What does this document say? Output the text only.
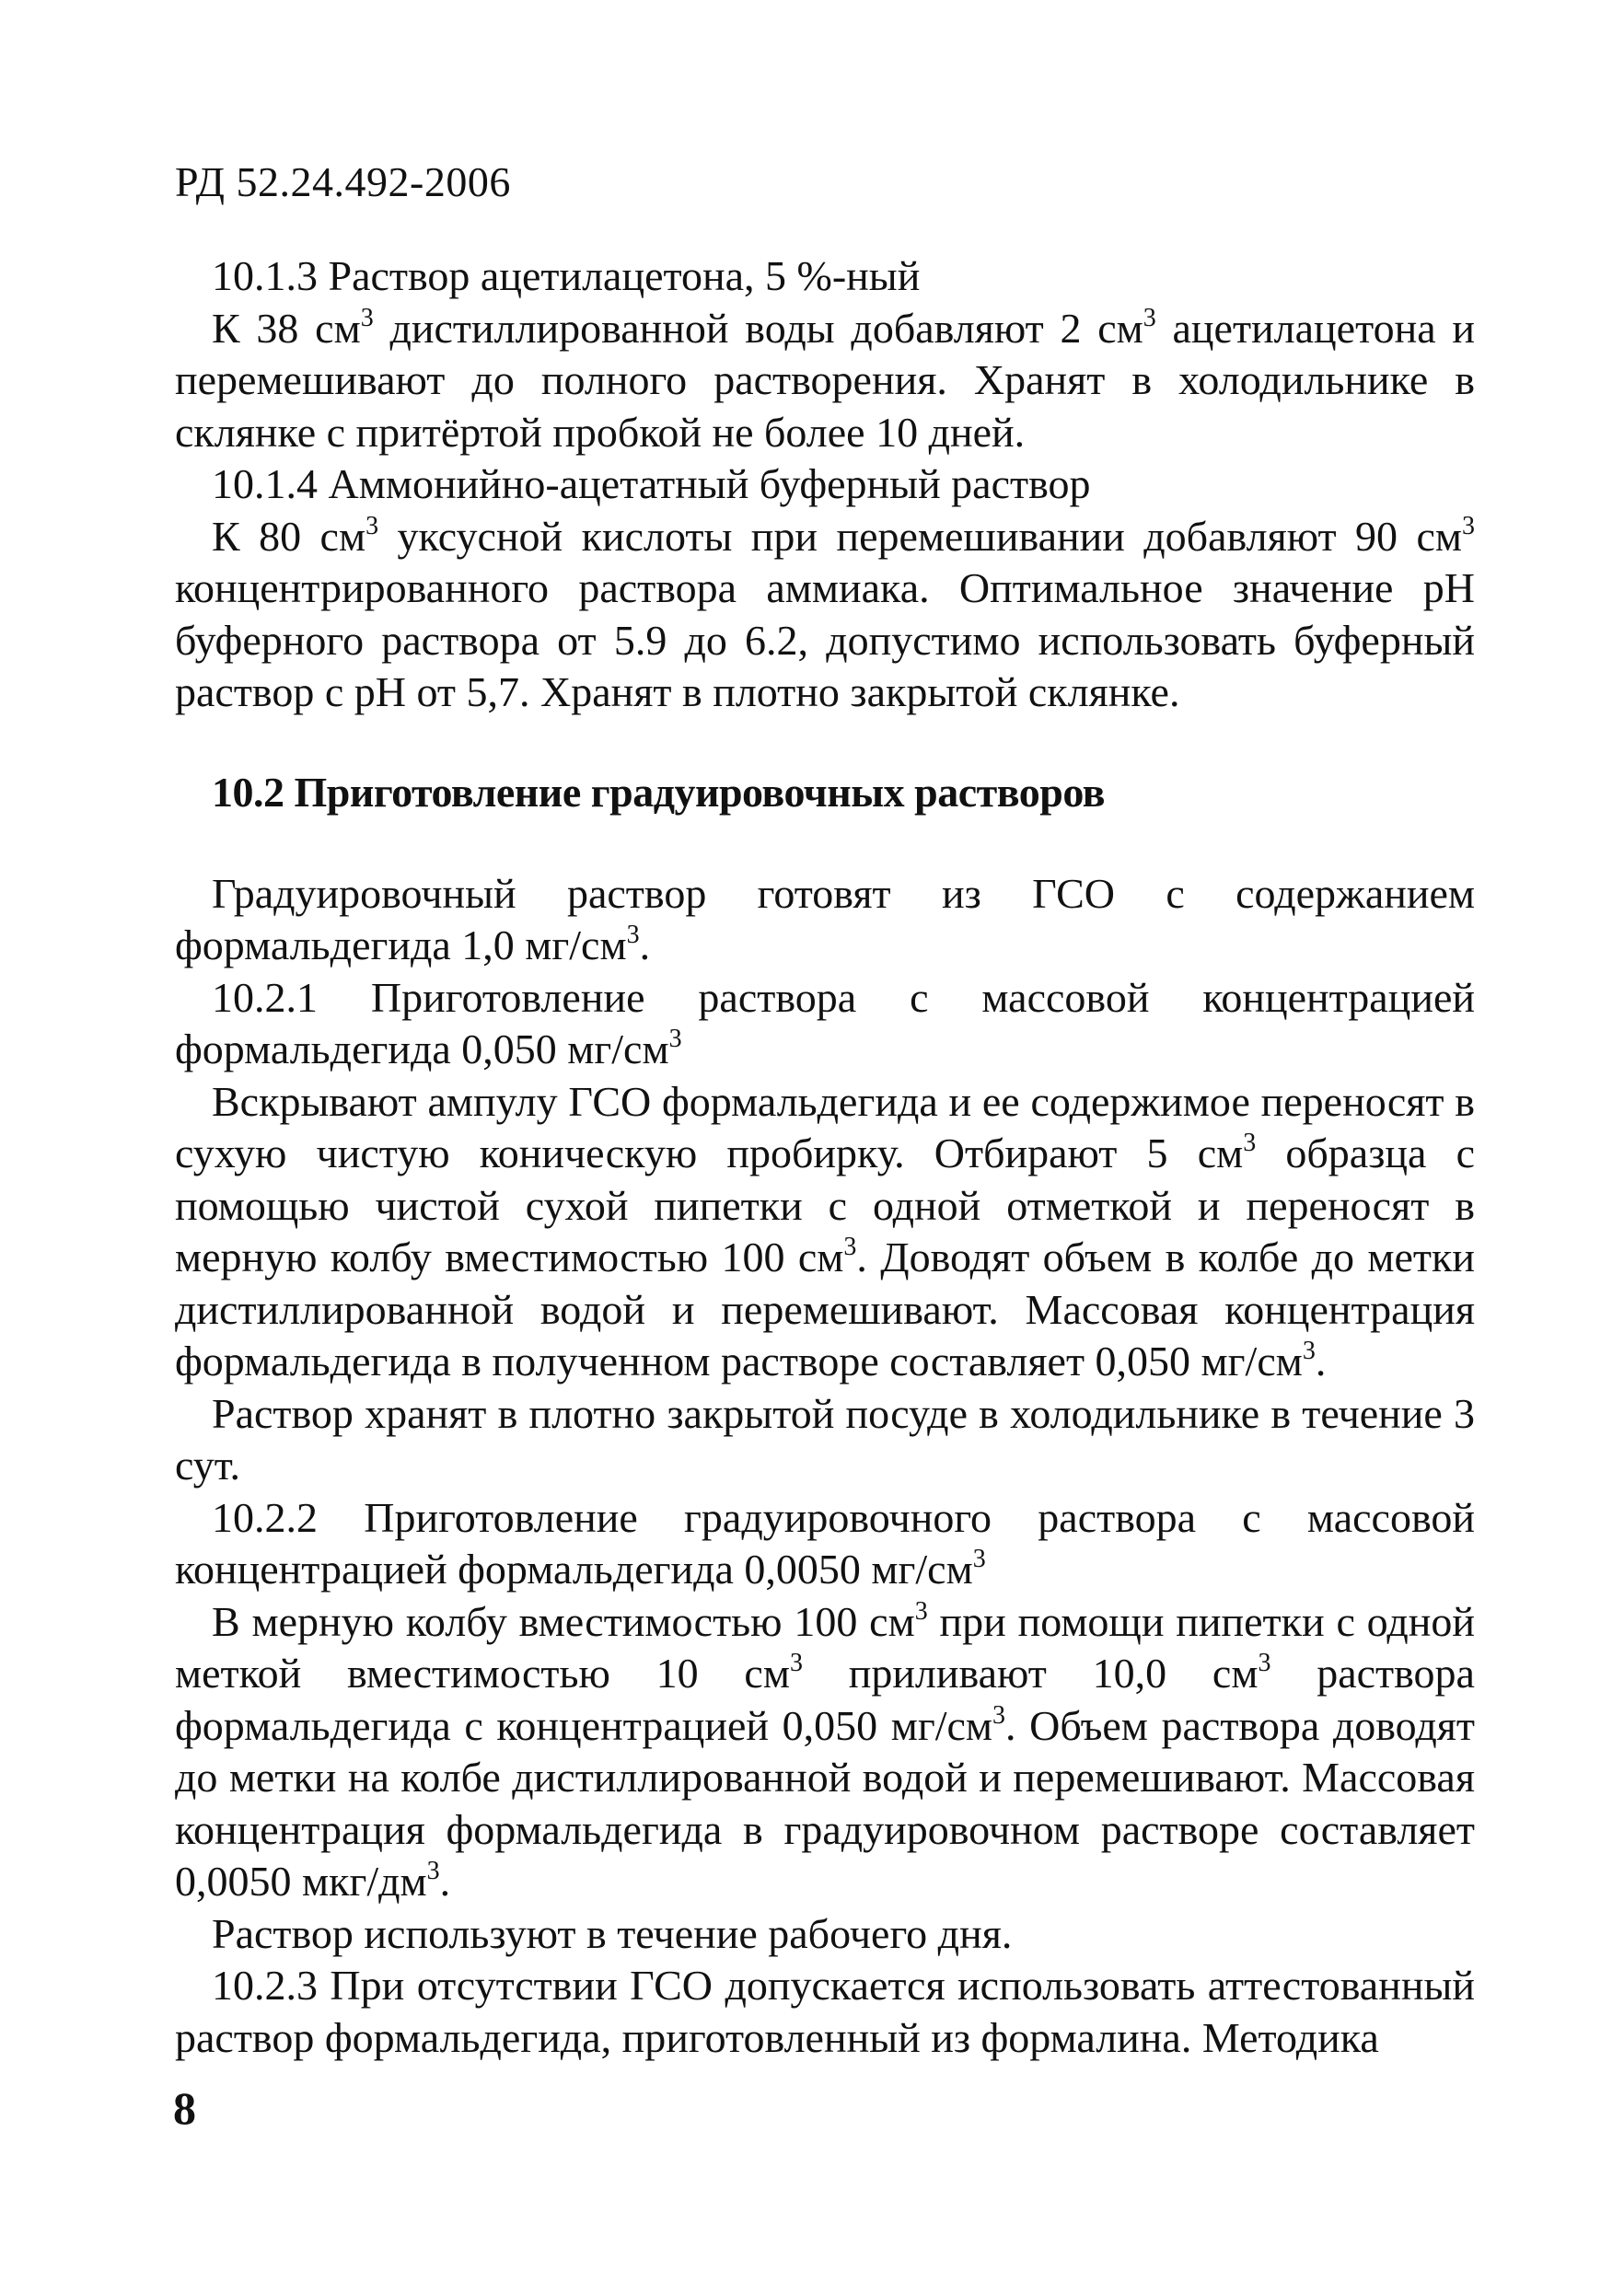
РД 52.24.492-2006

10.1.3 Раствор ацетилацетона, 5 %-ный

К 38 $см^3$ дистиллированной воды добавляют 2 $см^3$ ацетилацетона и перемешивают до полного растворения. Хранят в холодильнике в склянке с притёртой пробкой не более 10 дней.

10.1.4 Аммонийно-ацетатный буферный раствор

К 80 $см^3$ уксусной кислоты при перемешивании добавляют 90 $см^3$ концентрированного раствора аммиака. Оптимальное значение pH буферного раствора от 5.9 до 6.2, допустимо использовать буферный раствор с pH от 5,7. Хранят в плотно закрытой склянке.

10.2 Приготовление градуировочных растворов

Градуировочный раствор готовят из ГСО с содержанием формальдегида 1,0 $мг/см^3$.

10.2.1 Приготовление раствора с массовой концентрацией формальдегида 0,050 $мг/см^3$

Вскрывают ампулу ГСО формальдегида и ее содержимое переносят в сухую чистую коническую пробирку. Отбирают 5 $см^3$ образца с помощью чистой сухой пипетки с одной отметкой и переносят в мерную колбу вместимостью 100 $см^3$. Доводят объем в колбе до метки дистиллированной водой и перемешивают. Массовая концентрация формальдегида в полученном растворе составляет 0,050 $мг/см^3$.

Раствор хранят в плотно закрытой посуде в холодильнике в течение 3 сут.

10.2.2 Приготовление градуировочного раствора с массовой концентрацией формальдегида 0,0050 $мг/см^3$

В мерную колбу вместимостью 100 $см^3$ при помощи пипетки с одной меткой вместимостью 10 $см^3$ приливают 10,0 $см^3$ раствора формальдегида с концентрацией 0,050 $мг/см^3$. Объем раствора доводят до метки на колбе дистиллированной водой и перемешивают. Массовая концентрация формальдегида в градуировочном растворе составляет 0,0050 мкг/$дм^3$.

Раствор используют в течение рабочего дня.

10.2.3 При отсутствии ГСО допускается использовать аттестованный раствор формальдегида, приготовленный из формалина. Методика

8
